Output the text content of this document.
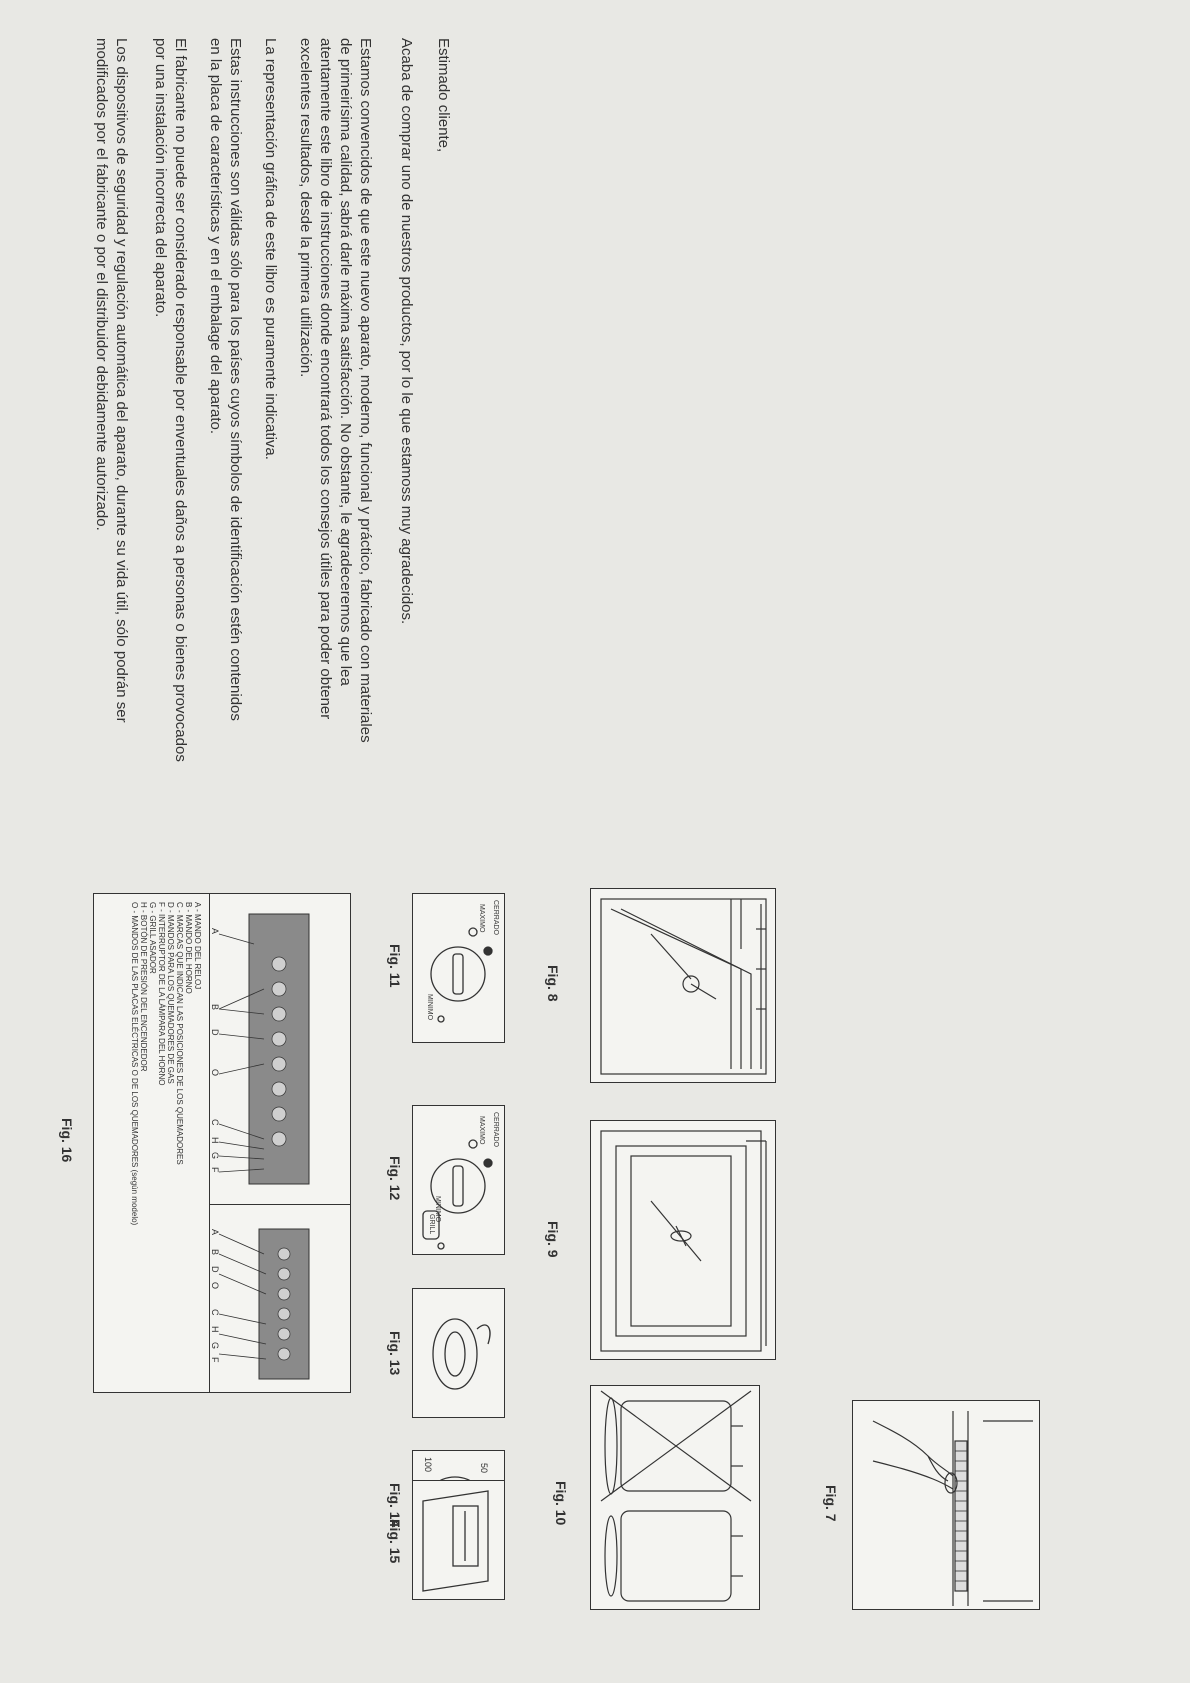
Estimado cliente,
Acaba de comprar uno de nuestros productos, por lo le que estamoss muy agradecidos.
Estamos convencidos de que este nuevo aparato, moderno, funcional y práctico, fabricado con materiales
de primeirísima calidad, sabrá darle máxima satisfacción. No obstante, le agradeceremos que lea
atentamente este libro de instrucciones donde encontrará todos los consejos útiles para poder obtener
excelentes resultados, desde la primera utilización.
La representación gráfica de este libro es puramente indicativa.
Estas instrucciones son válidas sólo para los países cuyos símbolos de identificación estén contenidos
en la placa de características y en el embalage del aparato.
El fabricante no puede ser considerado responsable por enventuales daños a personas o bienes provocados
por una instalación incorrecta del aparato.
Los dispositivos de seguridad y regulación automática del aparato, durante su vida útil, sólo podrán ser
modificados por el fabricante o por el distribuidor debidamente autorizado.
Fig. 7
Fig. 8
Fig. 9
Fig. 10
CERRADO
MAXIMO
MINIMO
Fig. 11
CERRADO
MAXIMO
MINIMO
GRILL
Fig. 12
Fig. 13
50
100
Fig. 14
Fig. 15
A
B
D
O
C
H
G
F
A
B
D
O
C
H
G
F
A - MANDO DEL RELOJ
B - MANDO DEL HORNO
C - MARCAS QUE INDICAN LAS POSICIONES DE LOS QUEMADORES
D - MANDOS PARA LOS QUEMADORES DE GAS
F - INTERRUPTOR DE LA LÁMPARA DEL HORNO
G - GRILL ASADOR
H - BOTÓN DE PRESIÓN DEL ENCENDEDOR
O - MANDOS DE LAS PLACAS ELÉCTRICAS O DE LOS QUEMADORES (según modelo)
Fig. 16
